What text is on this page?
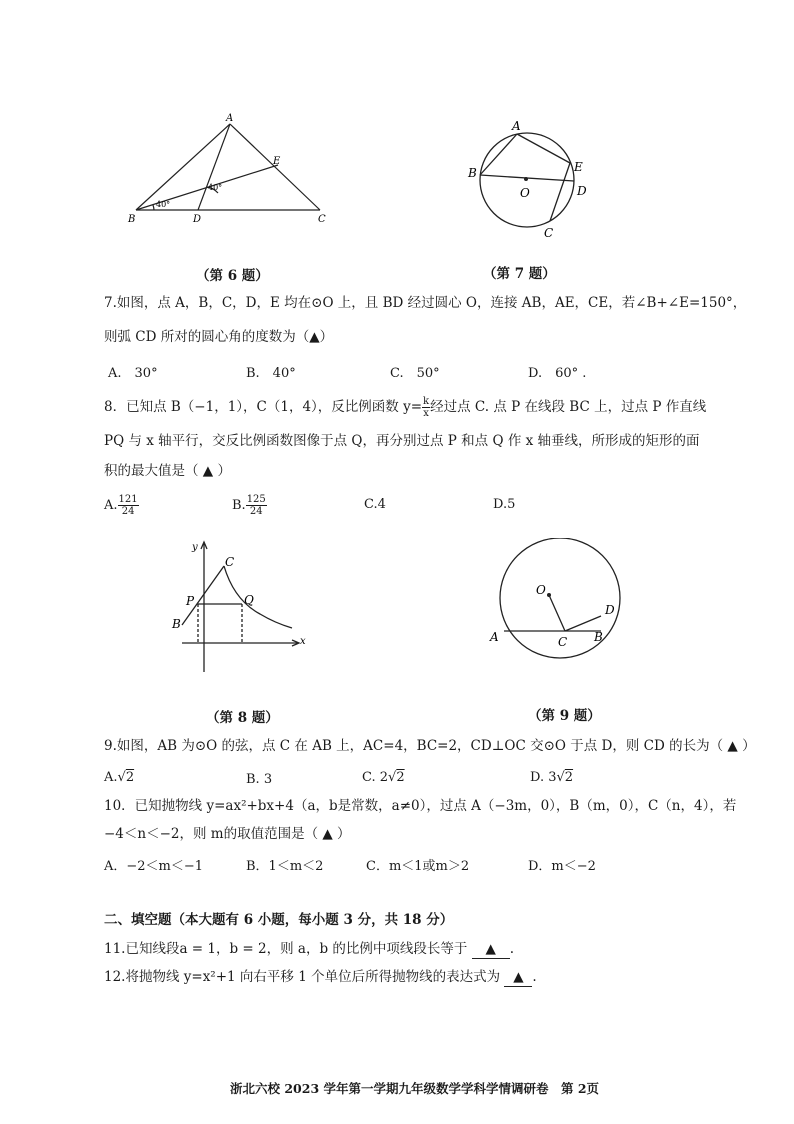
A
E
B	D	C
40°
40°
（第 6 题）
A
B
O
E
D
C
（第 7 题）
7.如图，点 A，B，C，D，E 均在⊙O 上，且 BD 经过圆心 O，连接 AB，AE，CE，若∠B+∠E=150°，
则弧 CD 所对的圆心角的度数为（▲）
A.　30°	B.　40°	C.　50°	D.　60° .
8．已知点 B（−1，1），C（1，4），反比例函数 $y= \frac{k}{x}$ 经过点 C. 点 P 在线段 BC 上，过点 P 作直线
PQ 与 x 轴平行，交反比例函数图像于点 Q，再分别过点 P 和点 Q 作 x 轴垂线，所形成的矩形的面
积的最大值是（ ▲ ）
A. $\frac{121}{24}$	B. $\frac{125}{24}$	C.4	D.5
y
x
C
P	Q
B
（第 8 题）
O
A	C B
D
（第 9 题）
9.如图，AB 为⊙O 的弦，点 C 在 AB 上，AC=4，BC=2，CD⊥OC 交⊙O 于点 D，则 CD 的长为（ ▲ ）
A.√2	B. 3	C. 2√2	D. 3√2
10．已知抛物线 y=ax²+bx+4（a，b是常数，a≠0），过点 A（−3m，0），B（m，0），C（n，4），若
−4＜n＜−2，则 m的取值范围是（ ▲ ）
A．−2＜m＜−1	B．1＜m＜2	C．m＜1或m＞2	D．m＜−2
二、填空题（本大题有 6 小题，每小题 3 分，共 18 分）
11.已知线段a = 1，b = 2，则 a，b 的比例中项线段长等于 ▲ .
12.将抛物线 y=x²+1 向右平移 1 个单位后所得抛物线的表达式为 ▲ .
浙北六校 2023 学年第一学期九年级数学学科学情调研卷　第 2页
